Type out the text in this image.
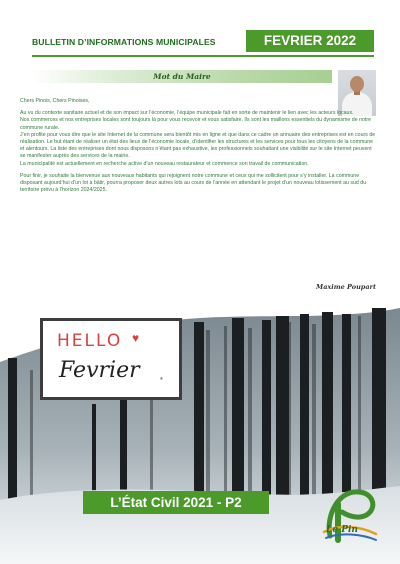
BULLETIN D’INFORMATIONS MUNICIPALES	FEVRIER 2022
Mot du Maire

Chers Pinois, Chers Pinoises,

Au vu du contexte sanitaire actuel et de son impact sur l’économie, l’équipe municipale fait en sorte de maintenir le lien avec les acteurs locaux.

Nos commerces et nos entreprises locales sont toujours là pour vous recevoir et vous satisfaire. Ils sont les maillons essentiels du dynamisme de notre commune rurale.

J’en profite pour vous dire que le site Internet de la commune sera bientôt mis en ligne et que dans ce cadre un annuaire des entreprises est en cours de réalisation. Le but étant de réaliser un état des lieux de l’économie locale, d’identifier les structures et les services pour tous les citoyens de la commune et alentours. La liste des entreprises dont nous disposons n’étant pas exhaustive, les professionnels souhaitant une visibilité sur le site Internet peuvent se manifester auprès des services de la mairie.

La municipalité est actuellement en recherche active d’un nouveau restaurateur et commence son travail de communication.

Pour finir, je souhaite la bienvenue aux nouveaux habitants qui rejoignent notre commune et ceux qui me sollicitent pour s’y installer. La commune disposant aujourd’hui d’un lot à bâtir, pourra proposer deux autres lots au cours de l’année en attendant le projet d’un nouveau lotissement au sud du territoire prévu à l’horizon 2024/2025.

Maxime Poupart
HELLO ♥
Fevrier	®
L’État Civil 2021 - P2
Le Pin
